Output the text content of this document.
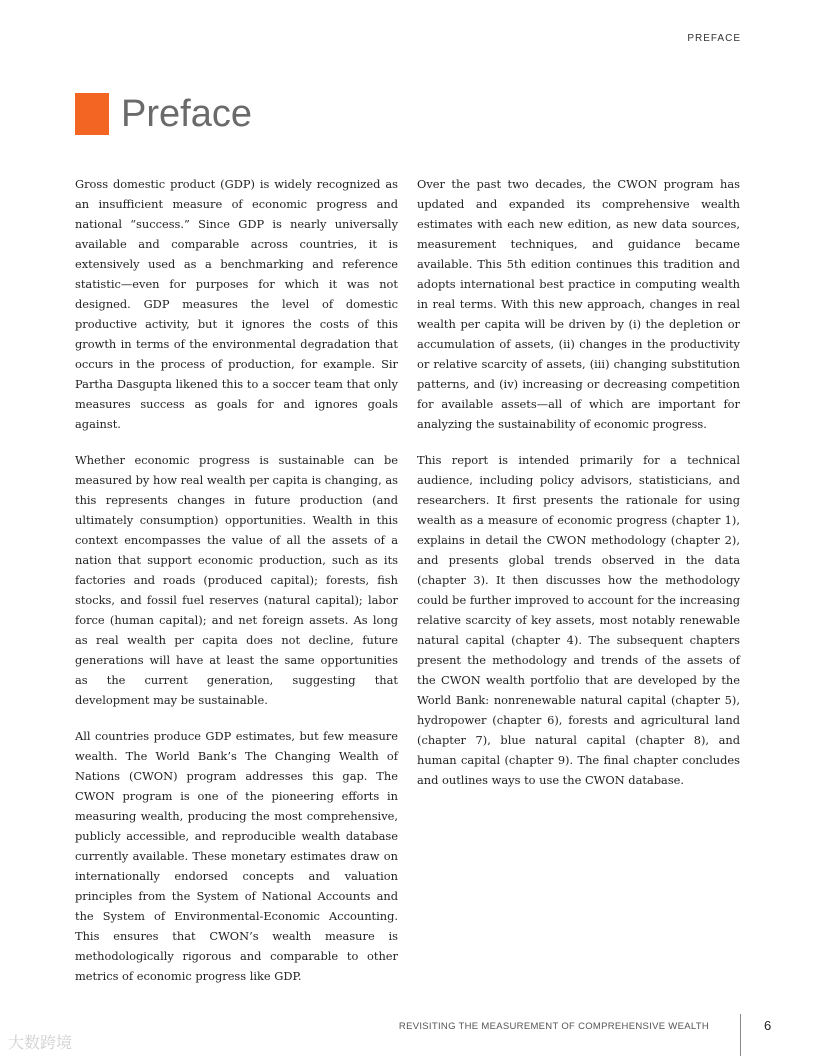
PREFACE
Preface

Gross domestic product (GDP) is widely recognized as an insufficient measure of economic progress and national “success.” Since GDP is nearly universally available and comparable across countries, it is extensively used as a benchmarking and reference statistic—even for purposes for which it was not designed. GDP measures the level of domestic productive activity, but it ignores the costs of this growth in terms of the environmental degradation that occurs in the process of production, for example. Sir Partha Dasgupta likened this to a soccer team that only measures success as goals for and ignores goals against.

Whether economic progress is sustainable can be measured by how real wealth per capita is changing, as this represents changes in future production (and ultimately consumption) opportunities. Wealth in this context encompasses the value of all the assets of a nation that support economic production, such as its factories and roads (produced capital); forests, fish stocks, and fossil fuel reserves (natural capital); labor force (human capital); and net foreign assets. As long as real wealth per capita does not decline, future generations will have at least the same opportunities as the current generation, suggesting that development may be sustainable.

All countries produce GDP estimates, but few measure wealth. The World Bank’s The Changing Wealth of Nations (CWON) program addresses this gap. The CWON program is one of the pioneering efforts in measuring wealth, producing the most comprehensive, publicly accessible, and reproducible wealth database currently available. These monetary estimates draw on internationally endorsed concepts and valuation principles from the System of National Accounts and the System of Environmental-Economic Accounting. This ensures that CWON’s wealth measure is methodologically rigorous and comparable to other metrics of economic progress like GDP.

Over the past two decades, the CWON program has updated and expanded its comprehensive wealth estimates with each new edition, as new data sources, measurement techniques, and guidance became available. This 5th edition continues this tradition and adopts international best practice in computing wealth in real terms. With this new approach, changes in real wealth per capita will be driven by (i) the depletion or accumulation of assets, (ii) changes in the productivity or relative scarcity of assets, (iii) changing substitution patterns, and (iv) increasing or decreasing competition for available assets—all of which are important for analyzing the sustainability of economic progress.

This report is intended primarily for a technical audience, including policy advisors, statisticians, and researchers. It first presents the rationale for using wealth as a measure of economic progress (chapter 1), explains in detail the CWON methodology (chapter 2), and presents global trends observed in the data (chapter 3). It then discusses how the methodology could be further improved to account for the increasing relative scarcity of key assets, most notably renewable natural capital (chapter 4). The subsequent chapters present the methodology and trends of the assets of the CWON wealth portfolio that are developed by the World Bank: nonrenewable natural capital (chapter 5), hydropower (chapter 6), forests and agricultural land (chapter 7), blue natural capital (chapter 8), and human capital (chapter 9). The final chapter concludes and outlines ways to use the CWON database.

REVISITING THE MEASUREMENT OF COMPREHENSIVE WEALTH	6
大数跨境
